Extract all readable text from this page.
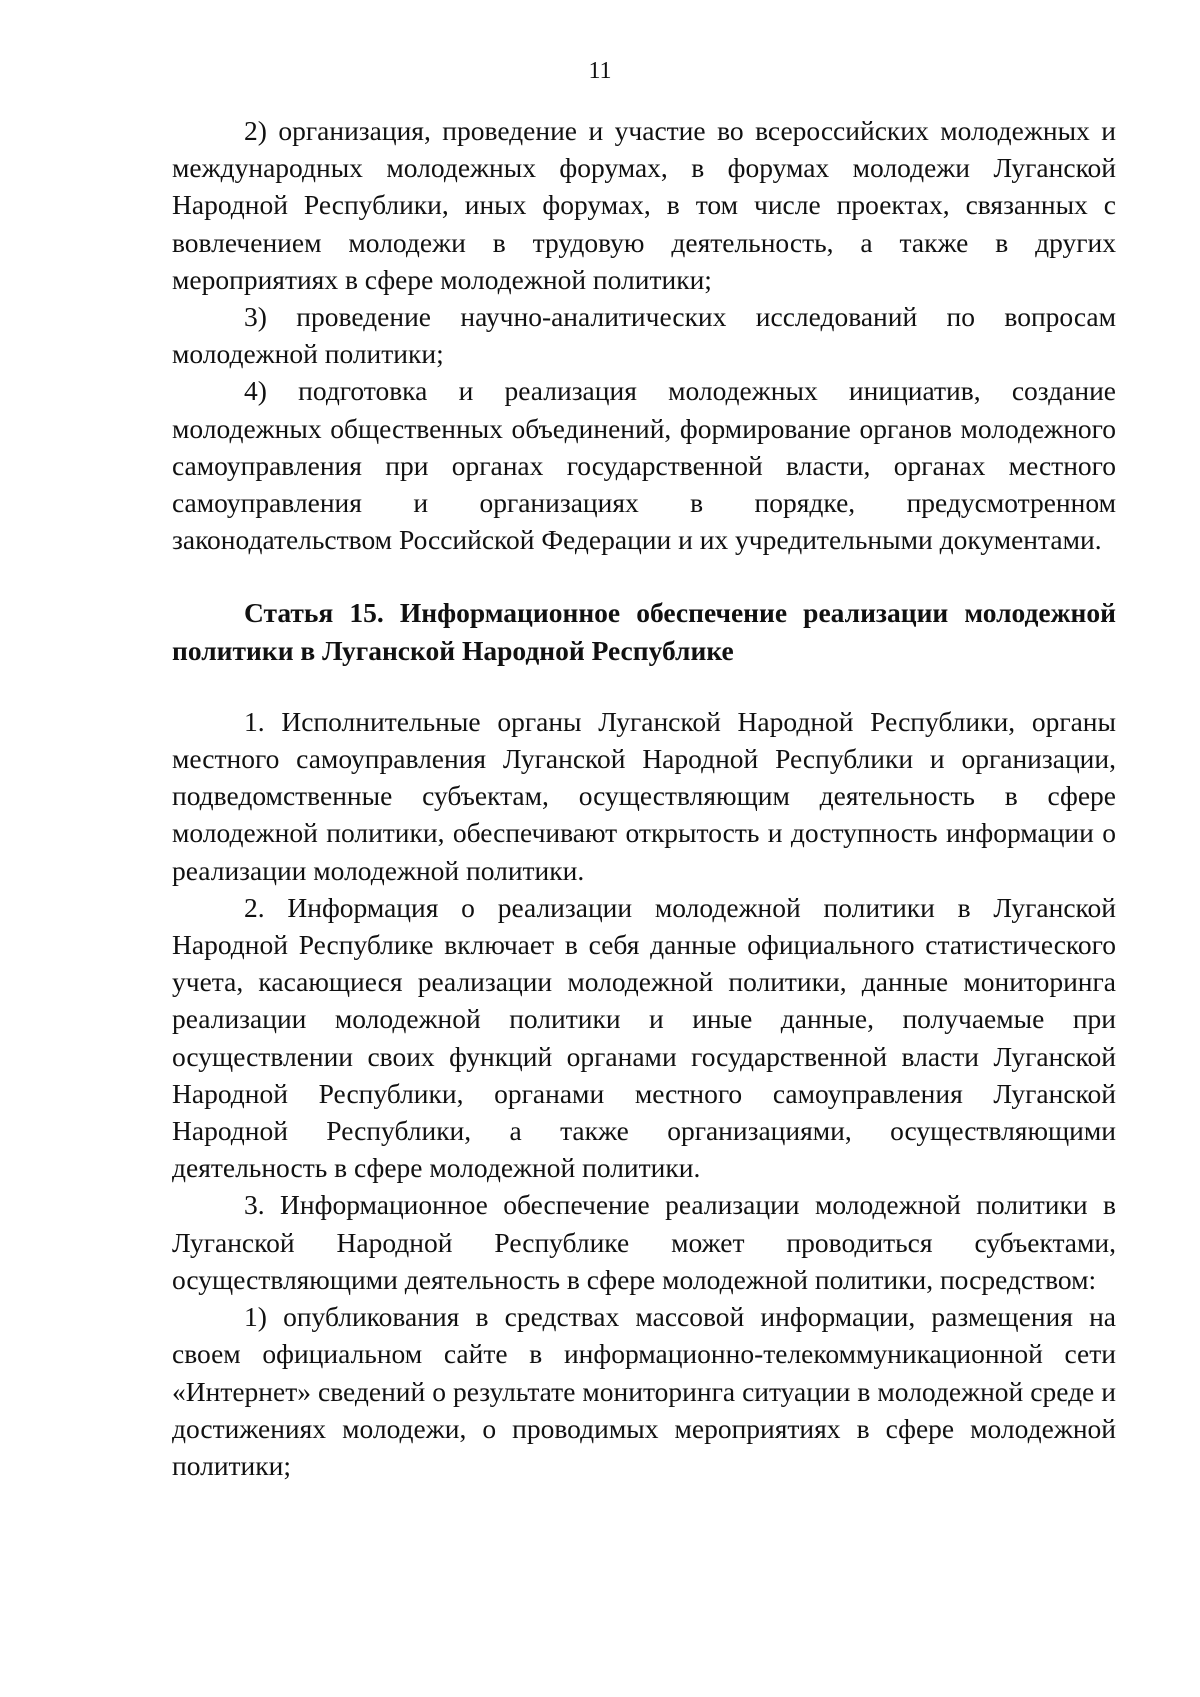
11

2) организация, проведение и участие во всероссийских молодежных и международных молодежных форумах, в форумах молодежи Луганской Народной Республики, иных форумах, в том числе проектах, связанных с вовлечением молодежи в трудовую деятельность, а также в других мероприятиях в сфере молодежной политики;

3) проведение научно-аналитических исследований по вопросам молодежной политики;

4) подготовка и реализация молодежных инициатив, создание молодежных общественных объединений, формирование органов молодежного самоуправления при органах государственной власти, органах местного самоуправления и организациях в порядке, предусмотренном законодательством Российской Федерации и их учредительными документами.

Статья 15. Информационное обеспечение реализации молодежной политики в Луганской Народной Республике

1. Исполнительные органы Луганской Народной Республики, органы местного самоуправления Луганской Народной Республики и организации, подведомственные субъектам, осуществляющим деятельность в сфере молодежной политики, обеспечивают открытость и доступность информации о реализации молодежной политики.

2. Информация о реализации молодежной политики в Луганской Народной Республике включает в себя данные официального статистического учета, касающиеся реализации молодежной политики, данные мониторинга реализации молодежной политики и иные данные, получаемые при осуществлении своих функций органами государственной власти Луганской Народной Республики, органами местного самоуправления Луганской Народной Республики, а также организациями, осуществляющими деятельность в сфере молодежной политики.

3. Информационное обеспечение реализации молодежной политики в Луганской Народной Республике может проводиться субъектами, осуществляющими деятельность в сфере молодежной политики, посредством:

1) опубликования в средствах массовой информации, размещения на своем официальном сайте в информационно-телекоммуникационной сети «Интернет» сведений о результате мониторинга ситуации в молодежной среде и достижениях молодежи, о проводимых мероприятиях в сфере молодежной политики;
